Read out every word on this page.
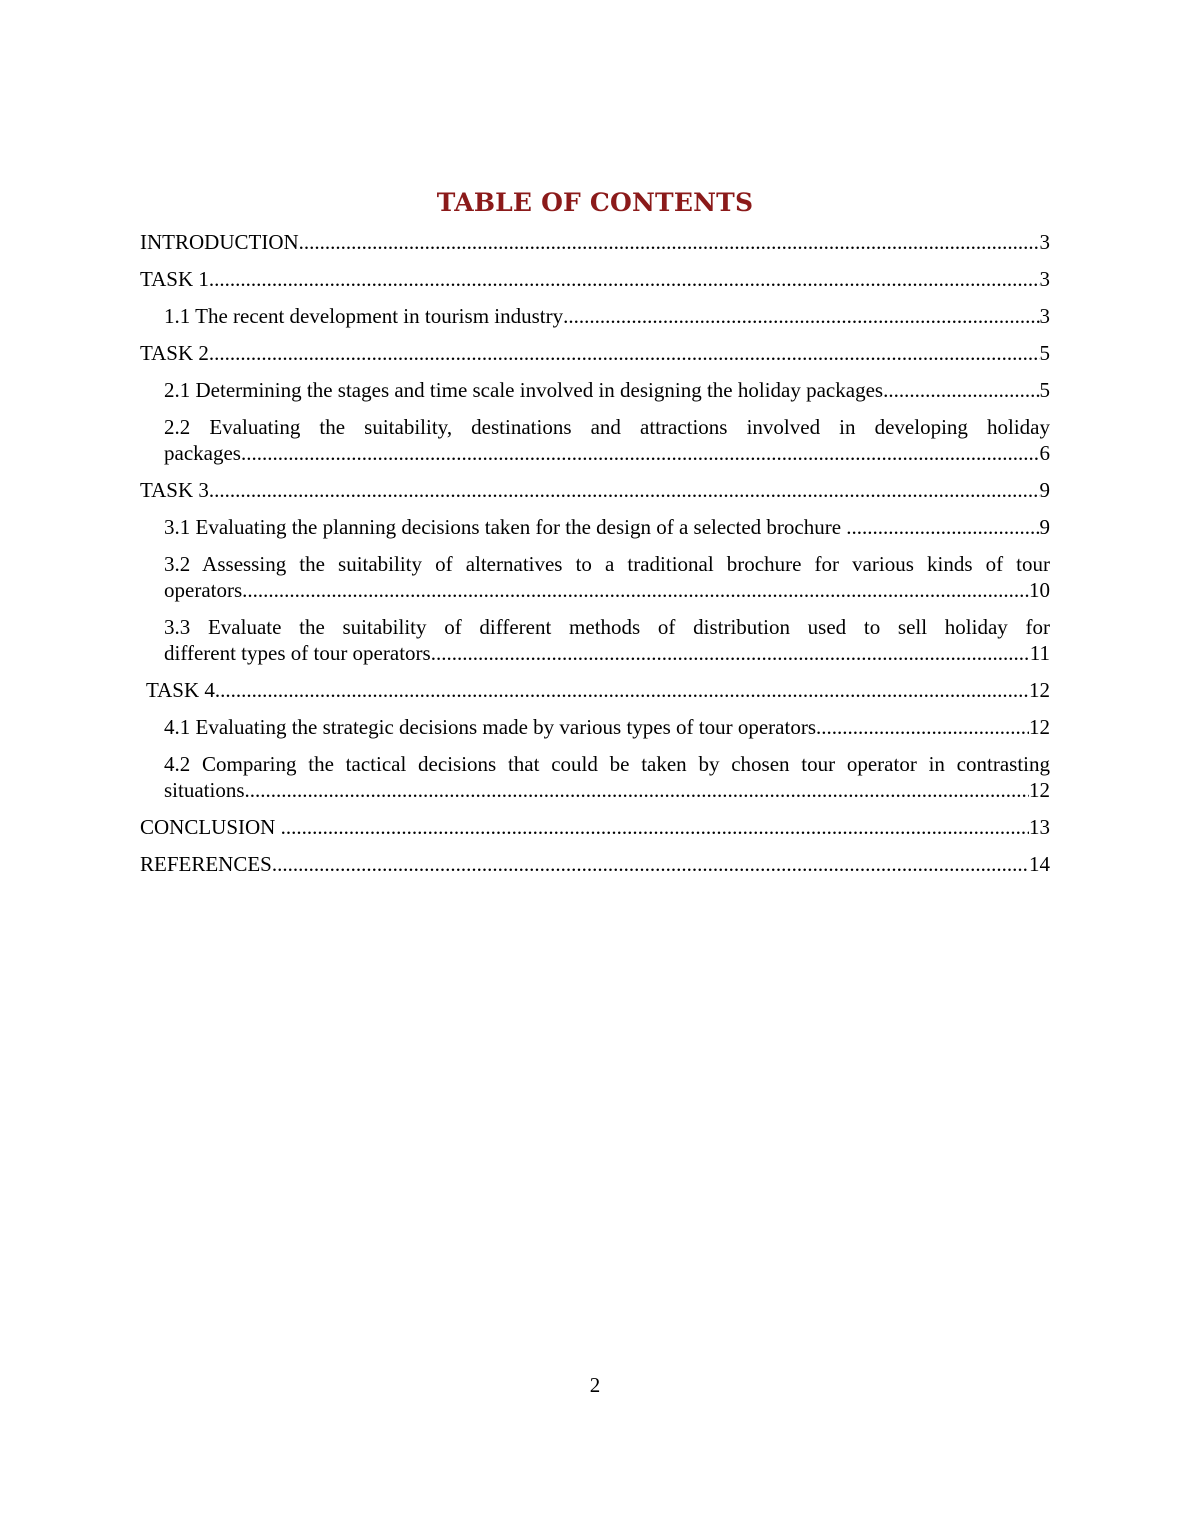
TABLE OF CONTENTS
INTRODUCTION .....	3
TASK 1 .....	3
1.1 The recent development in tourism industry .....	3
TASK 2 .....	5
2.1 Determining the stages and time scale involved in designing the holiday packages .....	5
2.2 Evaluating the suitability, destinations and attractions involved in developing holiday
packages .....	6
TASK 3 .....	9
3.1 Evaluating the planning decisions taken for the design of a selected brochure .....	9
3.2 Assessing the suitability of alternatives to a traditional brochure for various kinds of tour
operators .....	10
3.3 Evaluate the suitability of different methods of distribution used to sell holiday for
different types of tour operators .....	11
TASK 4 .....	12
4.1 Evaluating the strategic decisions made by various types of tour operators .....	12
4.2 Comparing the tactical decisions that could be taken by chosen tour operator in contrasting
situations .....	12
CONCLUSION .....	13
REFERENCES .....	14
2
